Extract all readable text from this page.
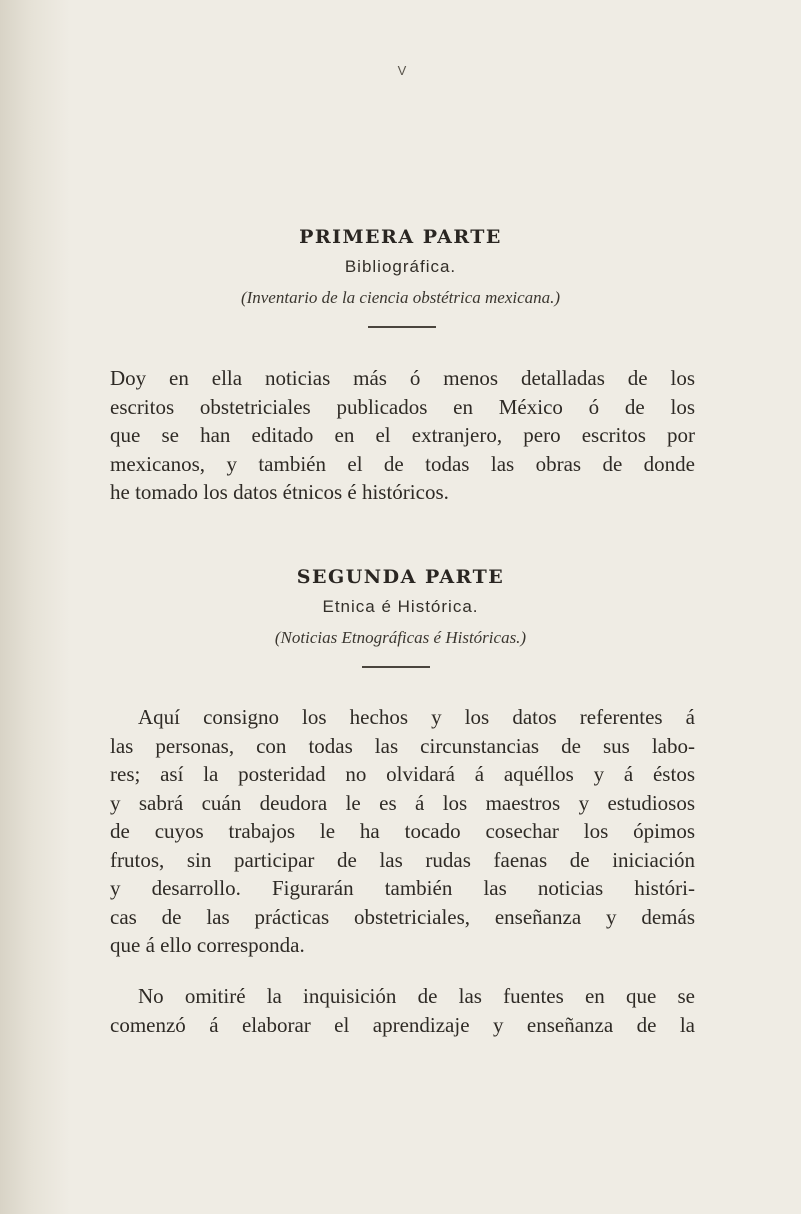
V
PRIMERA PARTE
Bibliográfica.
(Inventario de la ciencia obstétrica mexicana.)
Doy en ella noticias más ó menos detalladas de los
escritos obstetriciales publicados en México ó de los
que se han editado en el extranjero, pero escritos por
mexicanos, y también el de todas las obras de donde
he tomado los datos étnicos é históricos.
SEGUNDA PARTE
Etnica é Histórica.
(Noticias Etnográficas é Históricas.)
Aquí consigno los hechos y los datos referentes á
las personas, con todas las circunstancias de sus labo-
res; así la posteridad no olvidará á aquéllos y á éstos
y sabrá cuán deudora le es á los maestros y estudiosos
de cuyos trabajos le ha tocado cosechar los ópimos
frutos, sin participar de las rudas faenas de iniciación
y desarrollo. Figurarán también las noticias históri-
cas de las prácticas obstetriciales, enseñanza y demás
que á ello corresponda.
No omitiré la inquisición de las fuentes en que se
comenzó á elaborar el aprendizaje y enseñanza de la
